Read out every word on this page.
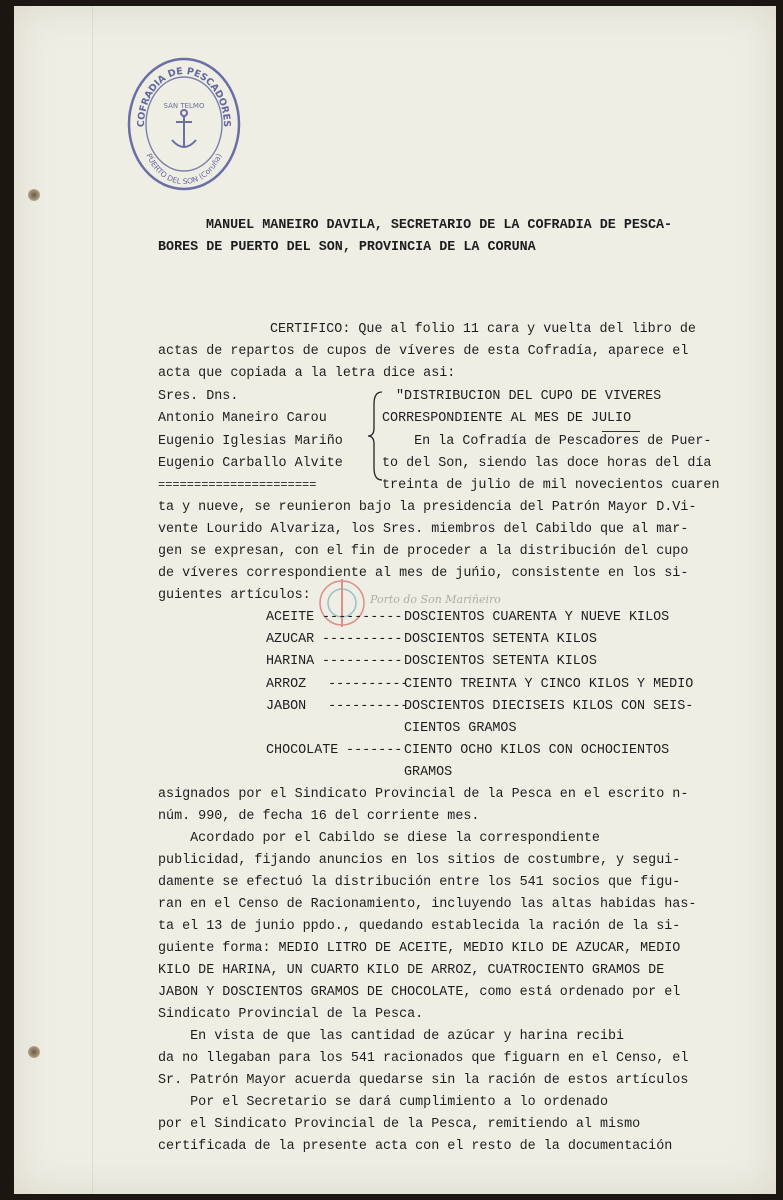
COFRADIA DE PESCADORES
PUERTO DEL SON (Coruña)
SAN TELMO
Porto do Son Mariñeiro
MANUEL MANEIRO DAVILA, SECRETARIO DE LA COFRADIA DE PESCA-
BORES DE PUERTO DEL SON, PROVINCIA DE LA CORUNA
CERTIFICO: Que al folio 11 cara y vuelta del libro de
actas de repartos de cupos de víveres de esta Cofradía, aparece el
acta que copiada a la letra dice asi:
Sres. Dns.
Antonio Maneiro Carou
Eugenio Iglesias Mariño
Eugenio Carballo Alvite
======================
"DISTRIBUCION DEL CUPO DE VIVERES
CORRESPONDIENTE AL MES DE JULIO
En la Cofradía de Pescadores de Puer-
to del Son, siendo las doce horas del día
treinta de julio de mil novecientos cuaren
ta y nueve, se reunieron bajo la presidencia del Patrón Mayor D.Vi-
vente Lourido Alvariza, los Sres. miembros del Cabildo que al mar-
gen se expresan, con el fin de proceder a la distribución del cupo
de víveres correspondiente al mes de juńio, consistente en los si-
guientes artículos:
ACEITE ---------- DOSCIENTOS CUARENTA Y NUEVE KILOS
AZUCAR ---------- DOSCIENTOS SETENTA KILOS
HARINA ---------- DOSCIENTOS SETENTA KILOS
ARROZ ----------
CIENTO TREINTA Y CINCO KILOS Y MEDIO
JABON ----------
DOSCIENTOS DIECISEIS KILOS CON SEIS-
CIENTOS GRAMOS
CHOCOLATE ------- CIENTO OCHO KILOS CON OCHOCIENTOS
GRAMOS
asignados por el Sindicato Provincial de la Pesca en el escrito n-
núm. 990, de fecha 16 del corriente mes.
Acordado por el Cabildo se diese la correspondiente
publicidad, fijando anuncios en los sitios de costumbre, y segui-
damente se efectuó la distribución entre los 541 socios que figu-
ran en el Censo de Racionamiento, incluyendo las altas habidas has-
ta el 13 de junio ppdo., quedando establecida la ración de la si-
guiente forma: MEDIO LITRO DE ACEITE, MEDIO KILO DE AZUCAR, MEDIO
KILO DE HARINA, UN CUARTO KILO DE ARROZ, CUATROCIENTO GRAMOS DE
JABON Y DOSCIENTOS GRAMOS DE CHOCOLATE, como está ordenado por el
Sindicato Provincial de la Pesca.
En vista de que las cantidad de azúcar y harina recibi
da no llegaban para los 541 racionados que figuarn en el Censo, el
Sr. Patrón Mayor acuerda quedarse sin la ración de estos artículos
Por el Secretario se dará cumplimiento a lo ordenado
por el Sindicato Provincial de la Pesca, remitiendo al mismo
certificada de la presente acta con el resto de la documentación
